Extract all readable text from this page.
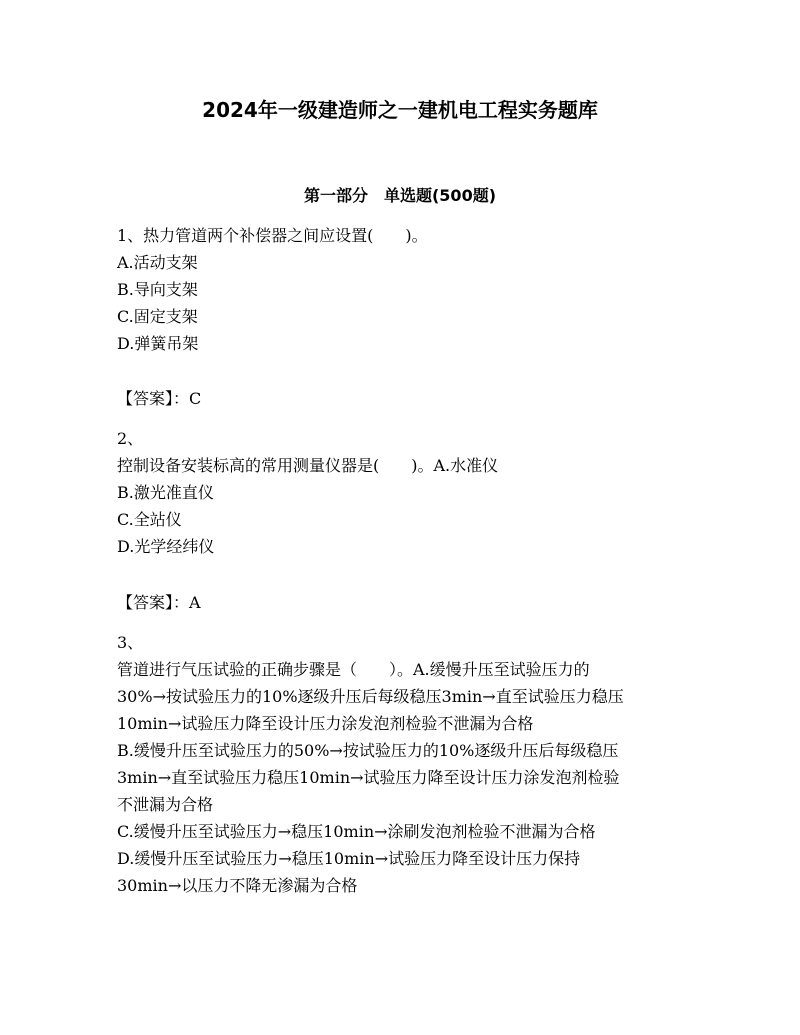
2024年一级建造师之一建机电工程实务题库
第一部分　单选题(500题)
1、热力管道两个补偿器之间应设置(　　)。
A.活动支架
B.导向支架
C.固定支架
D.弹簧吊架
【答案】：C
2、
控制设备安装标高的常用测量仪器是(　　)。A.水准仪
B.激光准直仪
C.全站仪
D.光学经纬仪
【答案】：A
3、
管道进行气压试验的正确步骤是（　　）。A.缓慢升压至试验压力的
30%→按试验压力的10%逐级升压后每级稳压3min→直至试验压力稳压
10min→试验压力降至设计压力涂发泡剂检验不泄漏为合格
B.缓慢升压至试验压力的50%→按试验压力的10%逐级升压后每级稳压
3min→直至试验压力稳压10min→试验压力降至设计压力涂发泡剂检验
不泄漏为合格
C.缓慢升压至试验压力→稳压10min→涂刷发泡剂检验不泄漏为合格
D.缓慢升压至试验压力→稳压10min→试验压力降至设计压力保持
30min→以压力不降无渗漏为合格
